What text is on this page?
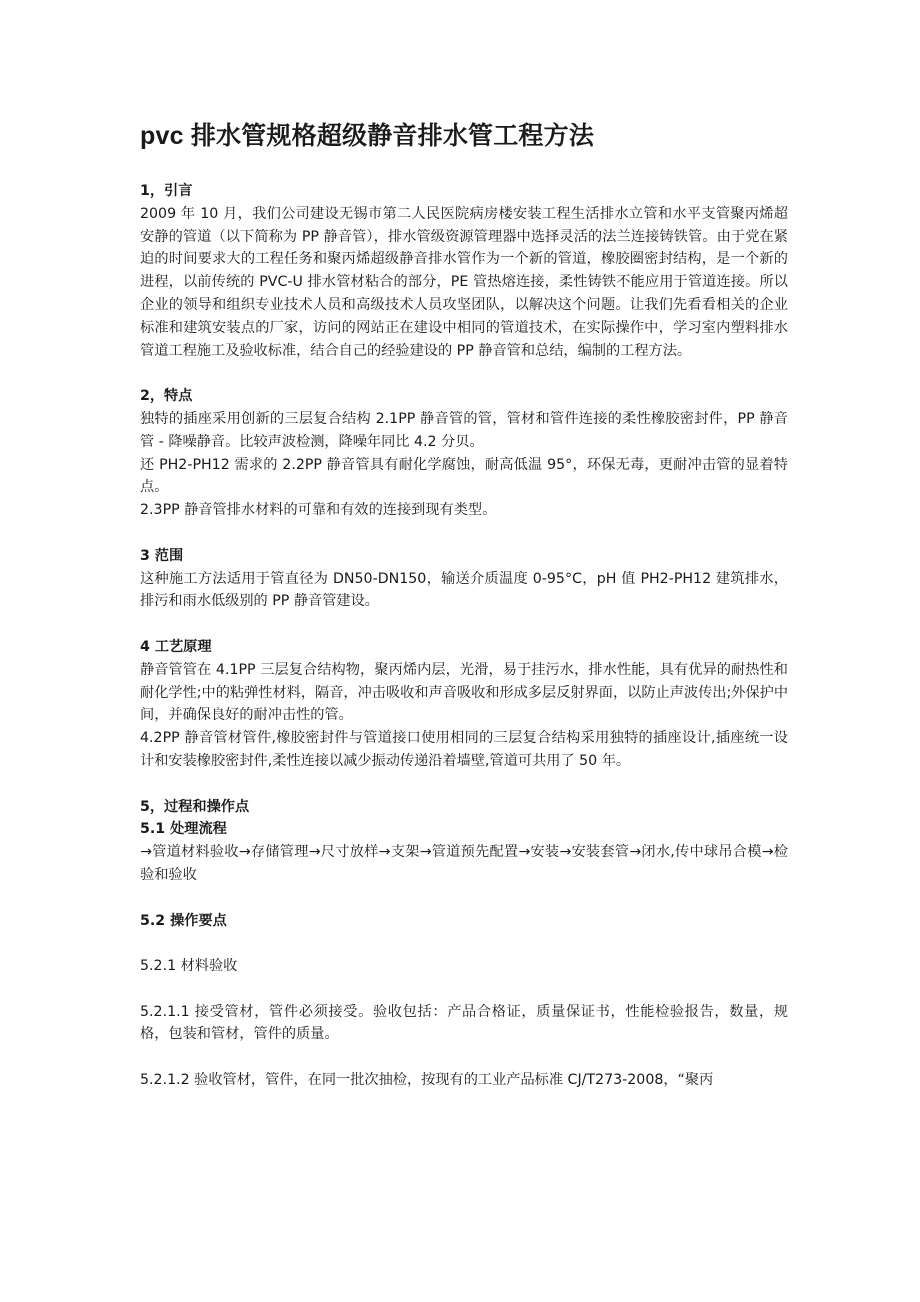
pvc 排水管规格超级静音排水管工程方法

1，引言

2009 年 10 月，我们公司建设无锡市第二人民医院病房楼安装工程生活排水立管和水平支管聚丙烯超安静的管道（以下简称为 PP 静音管），排水管级资源管理器中选择灵活的法兰连接铸铁管。由于党在紧迫的时间要求大的工程任务和聚丙烯超级静音排水管作为一个新的管道，橡胶圈密封结构，是一个新的进程，以前传统的 PVC-U 排水管材粘合的部分，PE 管热熔连接，柔性铸铁不能应用于管道连接。所以企业的领导和组织专业技术人员和高级技术人员攻坚团队，以解决这个问题。让我们先看看相关的企业标准和建筑安装点的厂家，访问的网站正在建设中相同的管道技术，在实际操作中，学习室内塑料排水管道工程施工及验收标准，结合自己的经验建设的 PP 静音管和总结，编制的工程方法。

2，特点

独特的插座采用创新的三层复合结构 2.1PP 静音管的管，管材和管件连接的柔性橡胶密封件，PP 静音管 - 降噪静音。比较声波检测，降噪年同比 4.2 分贝。

还 PH2-PH12 需求的 2.2PP 静音管具有耐化学腐蚀，耐高低温 95°，环保无毒，更耐冲击管的显着特点。

2.3PP 静音管排水材料的可靠和有效的连接到现有类型。

3 范围

这种施工方法适用于管直径为 DN50-DN150，输送介质温度 0-95°C，pH 值 PH2-PH12 建筑排水，排污和雨水低级别的 PP 静音管建设。

4 工艺原理

静音管管在 4.1PP 三层复合结构物，聚丙烯内层，光滑，易于挂污水，排水性能，具有优异的耐热性和耐化学性;中的粘弹性材料，隔音，冲击吸收和声音吸收和形成多层反射界面，以防止声波传出;外保护中间，并确保良好的耐冲击性的管。

4.2PP 静音管材管件,橡胶密封件与管道接口使用相同的三层复合结构采用独特的插座设计,插座统一设计和安装橡胶密封件,柔性连接以减少振动传递沿着墙壁,管道可共用了 50 年。

5，过程和操作点

5.1 处理流程

→管道材料验收→存储管理→尺寸放样→支架→管道预先配置→安装→安装套管→闭水,传中球吊合模→检验和验收

5.2 操作要点

5.2.1 材料验收

5.2.1.1 接受管材，管件必须接受。验收包括：产品合格证，质量保证书，性能检验报告，数量，规格，包装和管材，管件的质量。

5.2.1.2 验收管材，管件，在同一批次抽检，按现有的工业产品标准 CJ/T273-2008，“聚丙
